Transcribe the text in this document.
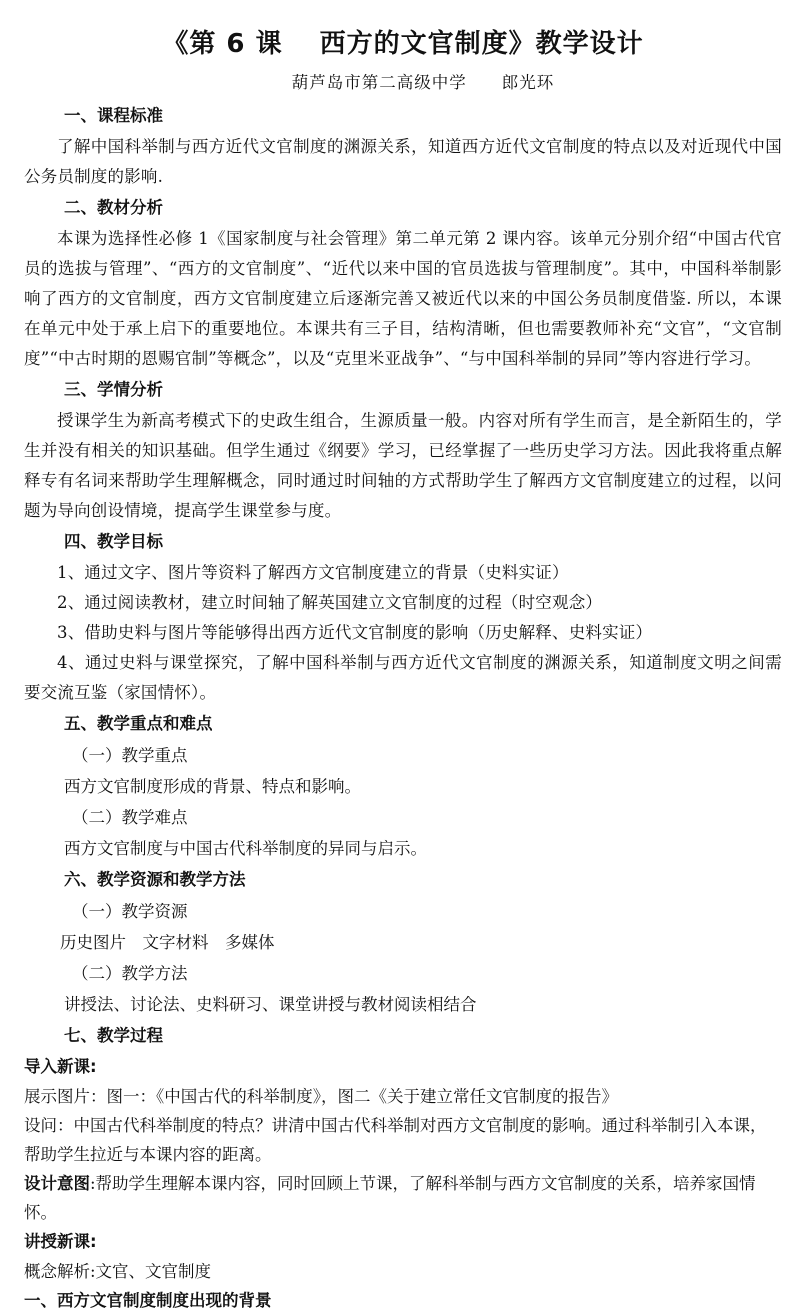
《第 6 课　 西方的文官制度》教学设计

葫芦岛市第二高级中学　　郎光环

一、课程标准

了解中国科举制与西方近代文官制度的渊源关系，知道西方近代文官制度的特点以及对近现代中国公务员制度的影响.

二、教材分析

本课为选择性必修 1《国家制度与社会管理》第二单元第 2 课内容。该单元分别介绍“中国古代官员的选拔与管理”、“西方的文官制度”、“近代以来中国的官员选拔与管理制度”。其中，中国科举制影响了西方的文官制度，西方文官制度建立后逐渐完善又被近代以来的中国公务员制度借鉴. 所以，本课在单元中处于承上启下的重要地位。本课共有三子目，结构清晰，但也需要教师补充“文官”，“文官制度”“中古时期的恩赐官制”等概念”，以及“克里米亚战争”、“与中国科举制的异同”等内容进行学习。

三、学情分析

授课学生为新高考模式下的史政生组合，生源质量一般。内容对所有学生而言，是全新陌生的，学生并没有相关的知识基础。但学生通过《纲要》学习，已经掌握了一些历史学习方法。因此我将重点解释专有名词来帮助学生理解概念，同时通过时间轴的方式帮助学生了解西方文官制度建立的过程，以问题为导向创设情境，提高学生课堂参与度。

四、教学目标

1、通过文字、图片等资料了解西方文官制度建立的背景（史料实证）

2、通过阅读教材，建立时间轴了解英国建立文官制度的过程（时空观念）

3、借助史料与图片等能够得出西方近代文官制度的影响（历史解释、史料实证）

4、通过史料与课堂探究，了解中国科举制与西方近代文官制度的渊源关系，知道制度文明之间需要交流互鉴（家国情怀）。

五、教学重点和难点

（一）教学重点

西方文官制度形成的背景、特点和影响。

（二）教学难点

西方文官制度与中国古代科举制度的异同与启示。

六、教学资源和教学方法

（一）教学资源

历史图片　文字材料　多媒体

（二）教学方法

讲授法、讨论法、史料研习、课堂讲授与教材阅读相结合

七、教学过程

导入新课:

展示图片：图一：《中国古代的科举制度》，图二《关于建立常任文官制度的报告》

设问：中国古代科举制度的特点？讲清中国古代科举制对西方文官制度的影响。通过科举制引入本课，帮助学生拉近与本课内容的距离。

设计意图:帮助学生理解本课内容，同时回顾上节课，了解科举制与西方文官制度的关系，培养家国情怀。

讲授新课:

概念解析:文官、文官制度

一、西方文官制度制度出现的背景
